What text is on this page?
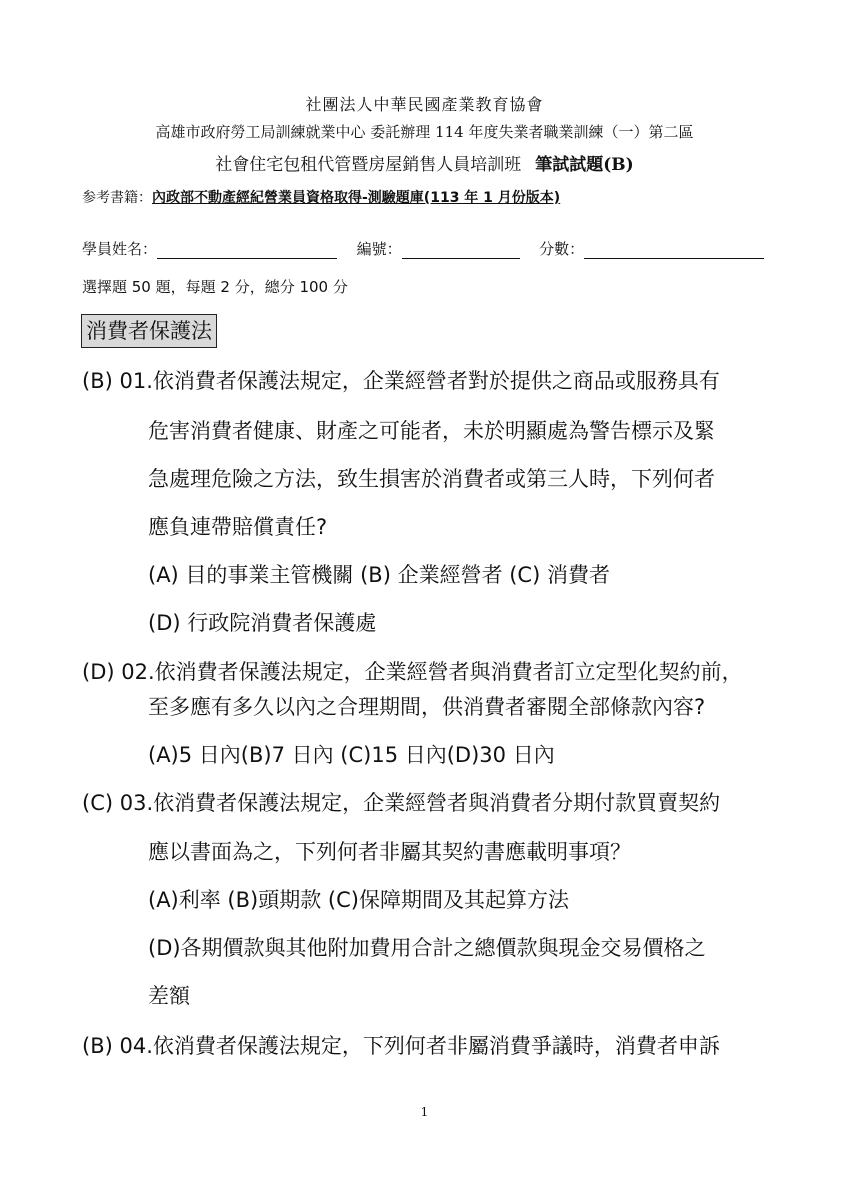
社團法人中華民國產業教育協會
高雄市政府勞工局訓練就業中心 委託辦理 114 年度失業者職業訓練（一）第二區
社會住宅包租代管暨房屋銷售人員培訓班 筆試試題(B)
参考書籍：內政部不動產經紀營業員資格取得-測驗題庫(113 年 1 月份版本)
學員姓名：	編號：	分數：
選擇題 50 題，每題 2 分，總分 100 分
消費者保護法
(B) 01.依消費者保護法規定，企業經營者對於提供之商品或服務具有
危害消費者健康、財產之可能者，未於明顯處為警告標示及緊
急處理危險之方法，致生損害於消費者或第三人時，下列何者
應負連帶賠償責任?
(A) 目的事業主管機關 (B) 企業經營者 (C) 消費者
(D) 行政院消費者保護處
(D) 02.依消費者保護法規定，企業經營者與消費者訂立定型化契約前，
至多應有多久以內之合理期間，供消費者審閱全部條款內容?
(A)5 日內(B)7 日內 (C)15 日內(D)30 日內
(C) 03.依消費者保護法規定，企業經營者與消費者分期付款買賣契約
應以書面為之，下列何者非屬其契約書應載明事項？
(A)利率 (B)頭期款 (C)保障期間及其起算方法
(D)各期價款與其他附加費用合計之總價款與現金交易價格之
差額
(B) 04.依消費者保護法規定，下列何者非屬消費爭議時，消費者申訴
1
